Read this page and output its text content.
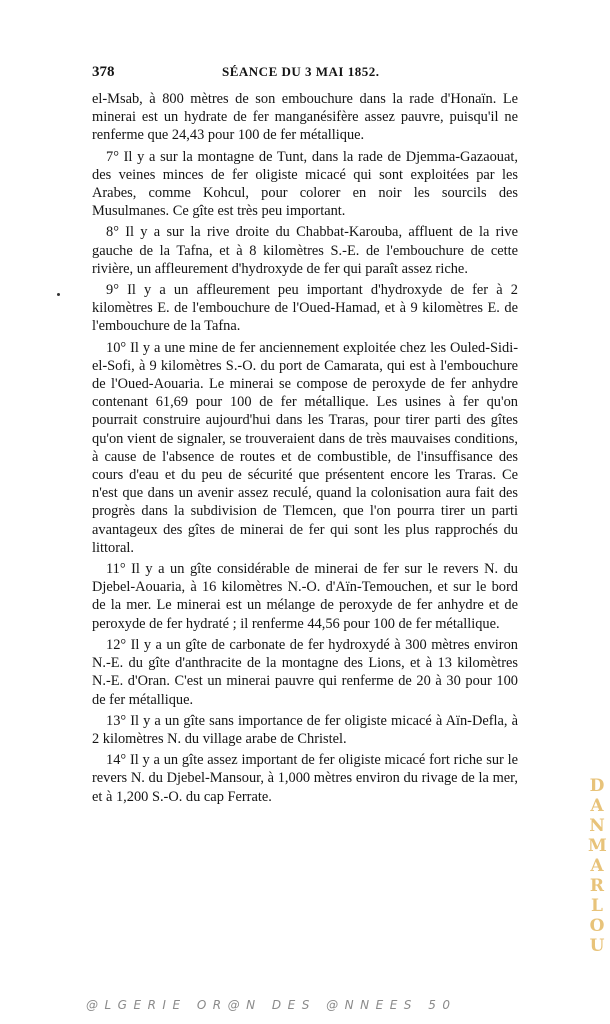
378	SÉANCE DU 3 MAI 1852.

el-Msab, à 800 mètres de son embouchure dans la rade d'Honaïn. Le minerai est un hydrate de fer manganésifère assez pauvre, puisqu'il ne renferme que 24,43 pour 100 de fer métallique.

7° Il y a sur la montagne de Tunt, dans la rade de Djemma-Gazaouat, des veines minces de fer oligiste micacé qui sont exploitées par les Arabes, comme Kohcul, pour colorer en noir les sourcils des Musulmanes. Ce gîte est très peu important.

8° Il y a sur la rive droite du Chabbat-Karouba, affluent de la rive gauche de la Tafna, et à 8 kilomètres S.-E. de l'embouchure de cette rivière, un affleurement d'hydroxyde de fer qui paraît assez riche.

9° Il y a un affleurement peu important d'hydroxyde de fer à 2 kilomètres E. de l'embouchure de l'Oued-Hamad, et à 9 kilomètres E. de l'embouchure de la Tafna.

10° Il y a une mine de fer anciennement exploitée chez les Ouled-Sidi-el-Sofi, à 9 kilomètres S.-O. du port de Camarata, qui est à l'embouchure de l'Oued-Aouaria. Le minerai se compose de peroxyde de fer anhydre contenant 61,69 pour 100 de fer métallique. Les usines à fer qu'on pourrait construire aujourd'hui dans les Traras, pour tirer parti des gîtes qu'on vient de signaler, se trouveraient dans de très mauvaises conditions, à cause de l'absence de routes et de combustible, de l'insuffisance des cours d'eau et du peu de sécurité que présentent encore les Traras. Ce n'est que dans un avenir assez reculé, quand la colonisation aura fait des progrès dans la subdivision de Tlemcen, que l'on pourra tirer un parti avantageux des gîtes de minerai de fer qui sont les plus rapprochés du littoral.

11° Il y a un gîte considérable de minerai de fer sur le revers N. du Djebel-Aouaria, à 16 kilomètres N.-O. d'Aïn-Temouchen, et sur le bord de la mer. Le minerai est un mélange de peroxyde de fer anhydre et de peroxyde de fer hydraté ; il renferme 44,56 pour 100 de fer métallique.

12° Il y a un gîte de carbonate de fer hydroxydé à 300 mètres environ N.-E. du gîte d'anthracite de la montagne des Lions, et à 13 kilomètres N.-E. d'Oran. C'est un minerai pauvre qui renferme de 20 à 30 pour 100 de fer métallique.

13° Il y a un gîte sans importance de fer oligiste micacé à Aïn-Defla, à 2 kilomètres N. du village arabe de Christel.

14° Il y a un gîte assez important de fer oligiste micacé fort riche sur le revers N. du Djebel-Mansour, à 1,000 mètres environ du rivage de la mer, et à 1,200 S.-O. du cap Ferrate.

DANMARLOU
@LGERIE OR@N DES @NNEES 50
